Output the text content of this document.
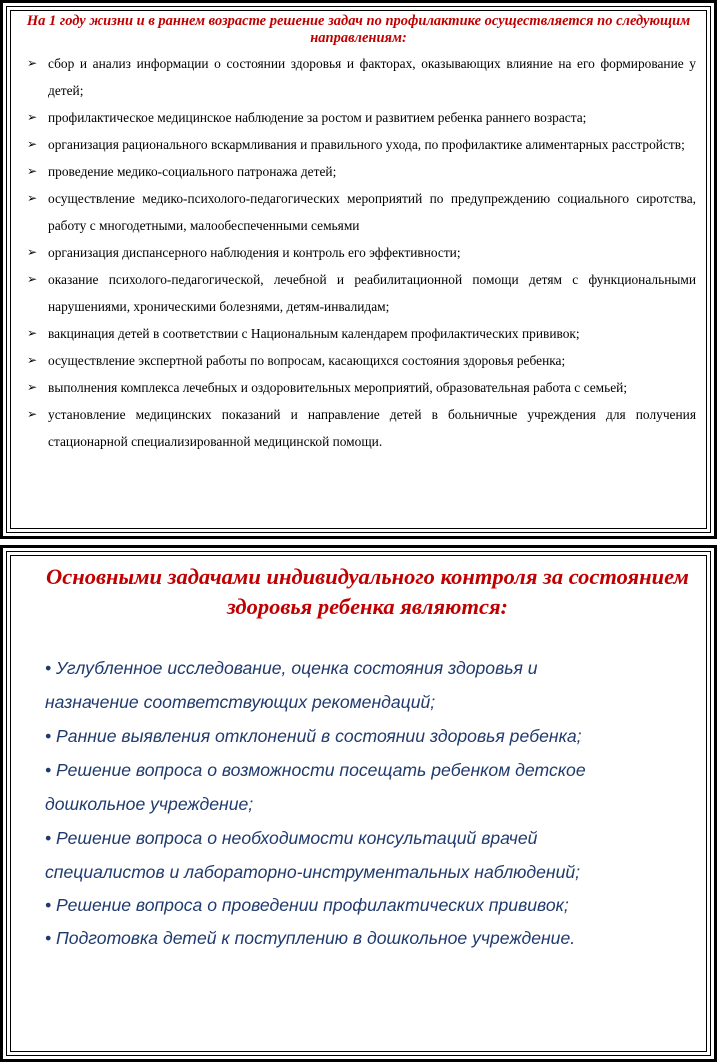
На 1 году жизни и в раннем возрасте решение задач по профилактике осуществляется по следующим направлениям:
➢ сбор и анализ информации о состоянии здоровья и факторах, оказывающих влияние на его формирование у детей;
➢ профилактическое медицинское наблюдение за ростом и развитием ребенка раннего возраста;
➢ организация рационального вскармливания и правильного ухода, по профилактике алиментарных расстройств;
➢ проведение медико-социального патронажа детей;
➢ осуществление медико-психолого-педагогических мероприятий по предупреждению социального сиротства, работу с многодетными, малообеспеченными семьями
➢ организация диспансерного наблюдения и контроль его эффективности;
➢ оказание психолого-педагогической, лечебной и реабилитационной помощи детям с функциональными нарушениями, хроническими болезнями, детям-инвалидам;
➢ вакцинация детей в соответствии с Национальным календарем профилактических прививок;
➢ осуществление экспертной работы по вопросам, касающихся состояния здоровья ребенка;
➢ выполнения комплекса лечебных и оздоровительных мероприятий, образовательная работа с семьей;
➢ установление медицинских показаний и направление детей в больничные учреждения для получения стационарной специализированной медицинской помощи.
Основными задачами индивидуального контроля за состоянием
здоровья ребенка являются:
• Углубленное исследование, оценка состояния здоровья и
назначение соответствующих рекомендаций;
• Ранние выявления отклонений в состоянии здоровья ребенка;
• Решение вопроса о возможности посещать ребенком детское
дошкольное учреждение;
• Решение вопроса о необходимости консультаций врачей
специалистов и лабораторно-инструментальных наблюдений;
• Решение вопроса о проведении профилактических прививок;
• Подготовка детей к поступлению в дошкольное учреждение.
